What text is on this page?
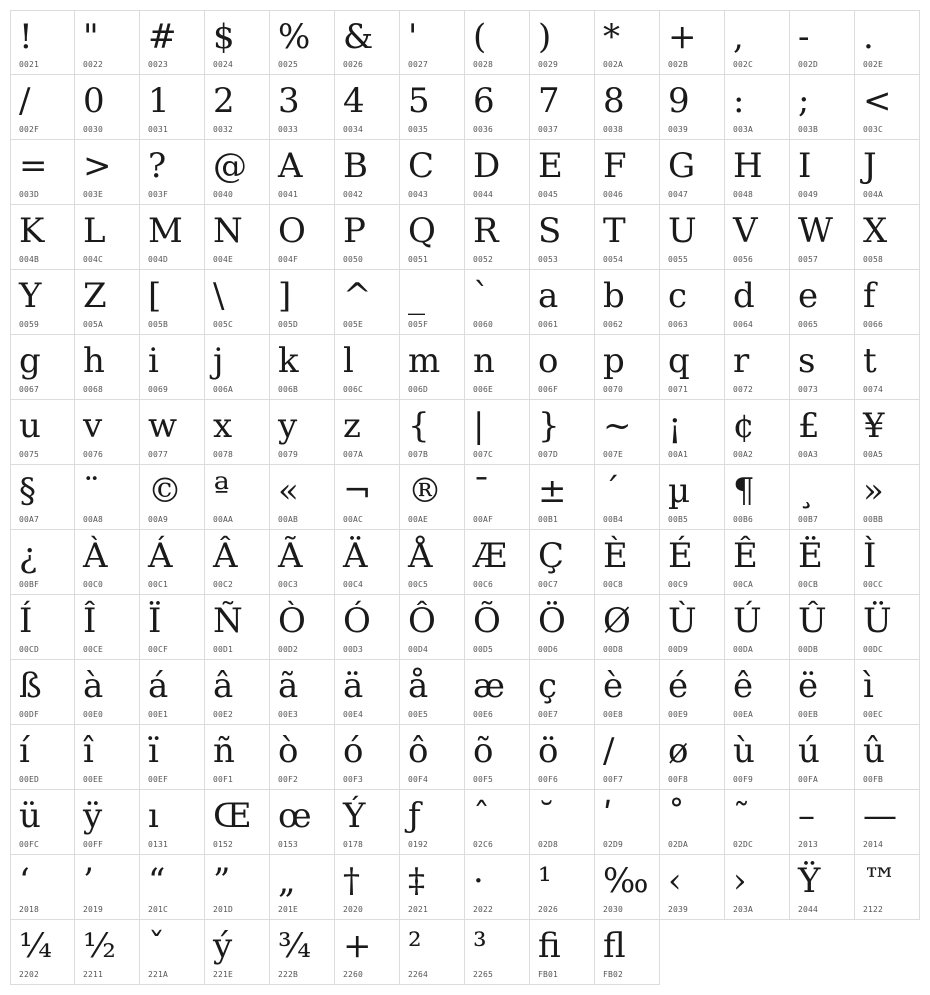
!
0021
"
0022
#
0023
$
0024
%
0025
&
0026
'
0027
(
0028
)
0029
*
002A
+
002B
,
002C
-
002D
.
002E
/
002F
0
0030
1
0031
2
0032
3
0033
4
0034
5
0035
6
0036
7
0037
8
0038
9
0039
:
003A
;
003B
<
003C
=
003D
>
003E
?
003F
@
0040
A
0041
B
0042
C
0043
D
0044
E
0045
F
0046
G
0047
H
0048
I
0049
J
004A
K
004B
L
004C
M
004D
N
004E
O
004F
P
0050
Q
0051
R
0052
S
0053
T
0054
U
0055
V
0056
W
0057
X
0058
Y
0059
Z
005A
[
005B
\
005C
]
005D
^
005E
_
005F
`
0060
a
0061
b
0062
c
0063
d
0064
e
0065
f
0066
g
0067
h
0068
i
0069
j
006A
k
006B
l
006C
m
006D
n
006E
o
006F
p
0070
q
0071
r
0072
s
0073
t
0074
u
0075
v
0076
w
0077
x
0078
y
0079
z
007A
{
007B
|
007C
}
007D
~
007E
¡
00A1
¢
00A2
£
00A3
¥
00A5
§
00A7
¨
00A8
©
00A9
ª
00AA
«
00AB
¬
00AC
®
00AE
¯
00AF
±
00B1
´
00B4
µ
00B5
¶
00B6
¸
00B7
»
00BB
¿
00BF
À
00C0
Á
00C1
Â
00C2
Ã
00C3
Ä
00C4
Å
00C5
Æ
00C6
Ç
00C7
È
00C8
É
00C9
Ê
00CA
Ë
00CB
Ì
00CC
Í
00CD
Î
00CE
Ï
00CF
Ñ
00D1
Ò
00D2
Ó
00D3
Ô
00D4
Õ
00D5
Ö
00D6
Ø
00D8
Ù
00D9
Ú
00DA
Û
00DB
Ü
00DC
ß
00DF
à
00E0
á
00E1
â
00E2
ã
00E3
ä
00E4
å
00E5
æ
00E6
ç
00E7
è
00E8
é
00E9
ê
00EA
ë
00EB
ì
00EC
í
00ED
î
00EE
ï
00EF
ñ
00F1
ò
00F2
ó
00F3
ô
00F4
õ
00F5
ö
00F6
/
00F7
ø
00F8
ù
00F9
ú
00FA
û
00FB
ü
00FC
ÿ
00FF
ı
0131
Œ
0152
œ
0153
Ý
0178
ƒ
0192
ˆ
02C6
˘
02D8
ʹ
02D9
˚
02DA
˜
02DC
–
2013
—
2014
‘
2018
’
2019
“
201C
”
201D
„
201E
†
2020
‡
2021
·
2022
¹
2026
‰
2030
‹
2039
›
203A
Ÿ
2044
™
2122
¼
2202
½
2211
ˇ
221A
ý
221E
¾
222B
+
2260
²
2264
³
2265
ﬁ
FB01
ﬂ
FB02
